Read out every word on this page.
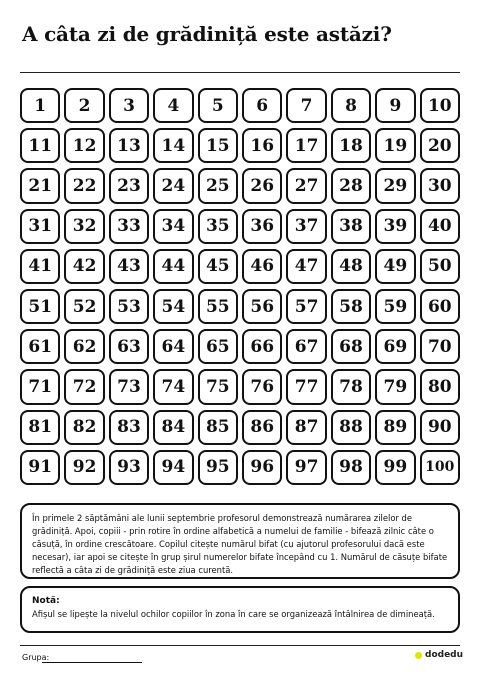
A câta zi de grădiniță este astăzi?
1	2	3	4	5	6	7	8	9	10
11	12	13	14	15	16	17	18	19	20
21	22	23	24	25	26	27	28	29	30
31	32	33	34	35	36	37	38	39	40
41	42	43	44	45	46	47	48	49	50
51	52	53	54	55	56	57	58	59	60
61	62	63	64	65	66	67	68	69	70
71	72	73	74	75	76	77	78	79	80
81	82	83	84	85	86	87	88	89	90
91	92	93	94	95	96	97	98	99	100
În primele 2 săptămâni ale lunii septembrie profesorul demonstrează numărarea zilelor de grădiniță. Apoi, copiii - prin rotire în ordine alfabetică a numelui de familie - bifează zilnic câte o căsuță, în ordine crescătoare. Copilul citește numărul bifat (cu ajutorul profesorului dacă este necesar), iar apoi se citește în grup șirul numerelor bifate începând cu 1. Numărul de căsuțe bifate reflectă a câta zi de grădiniță este ziua curentă.
Notă:
Afișul se lipește la nivelul ochilor copiilor în zona în care se organizează întâlnirea de dimineață.
Grupa:	dodedu
